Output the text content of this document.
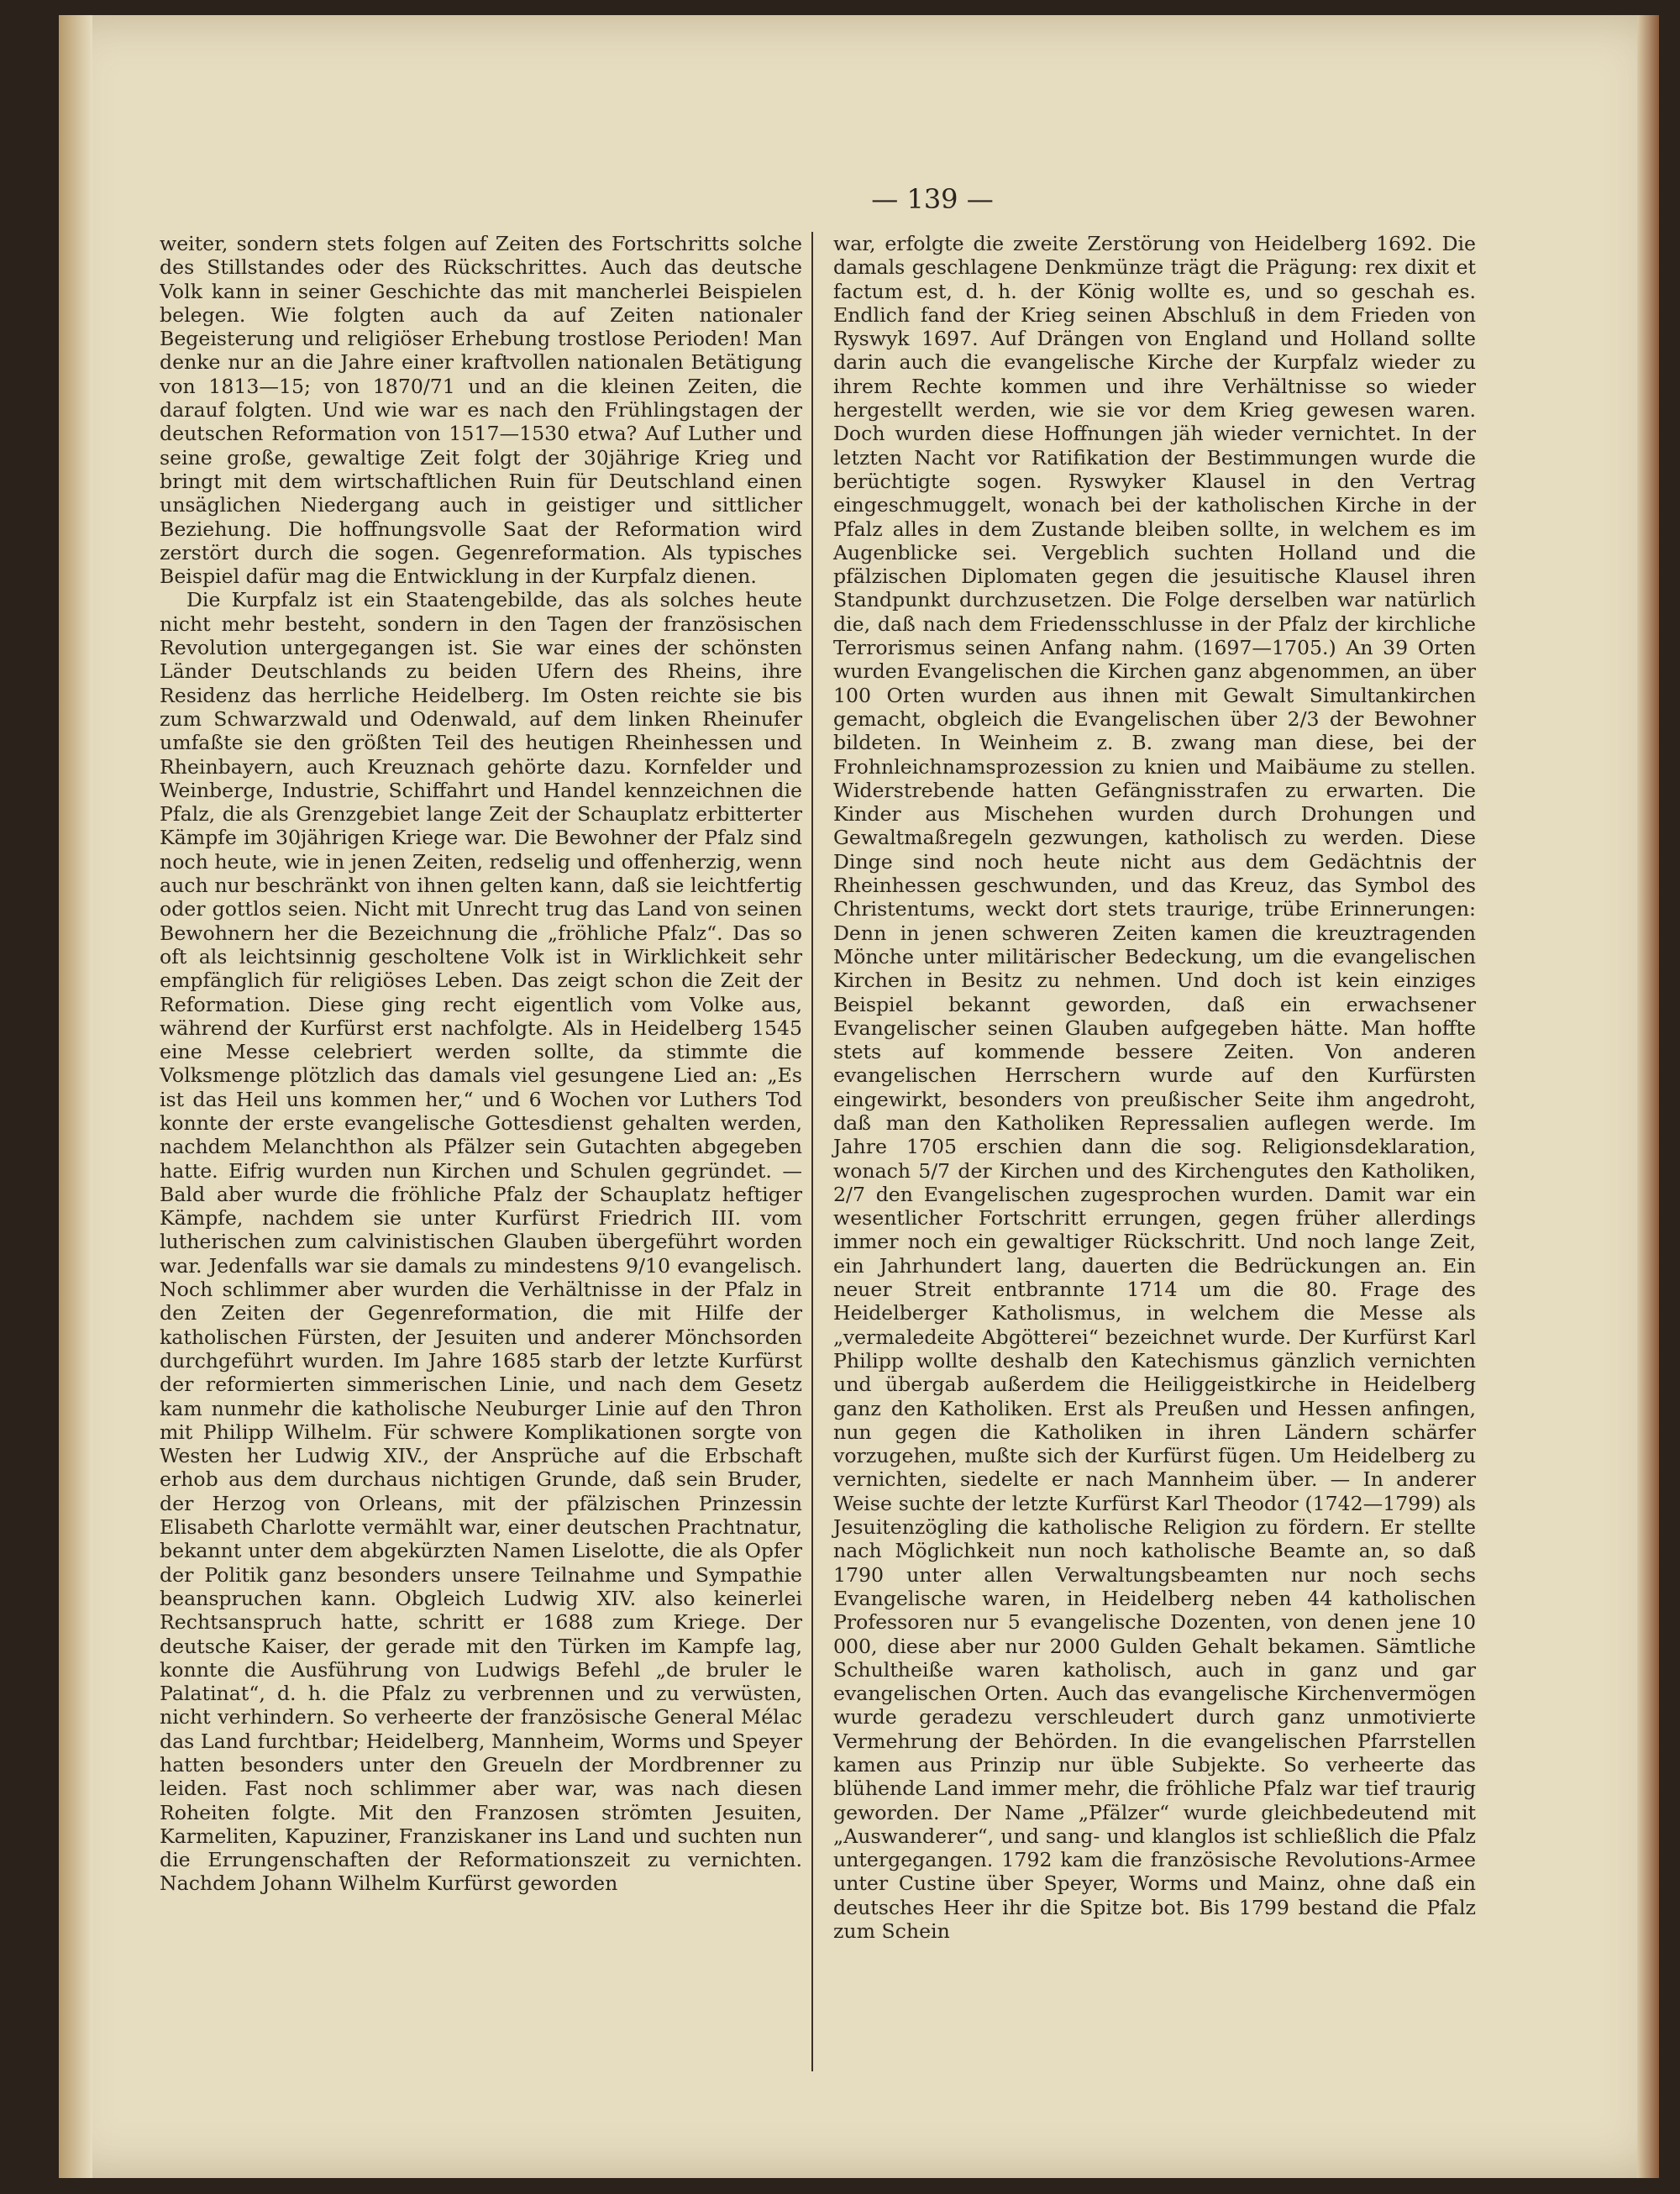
— 139 —

weiter, sondern stets folgen auf Zeiten des Fortschritts solche des Stillstandes oder des Rückschrittes. Auch das deutsche Volk kann in seiner Geschichte das mit mancherlei Beispielen belegen. Wie folgten auch da auf Zeiten nationaler Begeisterung und religiöser Erhebung trostlose Perioden! Man denke nur an die Jahre einer kraftvollen nationalen Betätigung von 1813—15; von 1870/71 und an die kleinen Zeiten, die darauf folgten. Und wie war es nach den Frühlingstagen der deutschen Reformation von 1517—1530 etwa? Auf Luther und seine große, gewaltige Zeit folgt der 30jährige Krieg und bringt mit dem wirtschaftlichen Ruin für Deutschland einen unsäglichen Niedergang auch in geistiger und sittlicher Beziehung. Die hoffnungsvolle Saat der Reformation wird zerstört durch die sogen. Gegenreformation. Als typisches Beispiel dafür mag die Entwicklung in der Kurpfalz dienen.

Die Kurpfalz ist ein Staatengebilde, das als solches heute nicht mehr besteht, sondern in den Tagen der französischen Revolution untergegangen ist. Sie war eines der schönsten Länder Deutschlands zu beiden Ufern des Rheins, ihre Residenz das herrliche Heidelberg. Im Osten reichte sie bis zum Schwarzwald und Odenwald, auf dem linken Rheinufer umfaßte sie den größten Teil des heutigen Rheinhessen und Rheinbayern, auch Kreuznach gehörte dazu. Kornfelder und Weinberge, Industrie, Schiffahrt und Handel kennzeichnen die Pfalz, die als Grenzgebiet lange Zeit der Schauplatz erbitterter Kämpfe im 30jährigen Kriege war. Die Bewohner der Pfalz sind noch heute, wie in jenen Zeiten, redselig und offenherzig, wenn auch nur beschränkt von ihnen gelten kann, daß sie leichtfertig oder gottlos seien. Nicht mit Unrecht trug das Land von seinen Bewohnern her die Bezeichnung die „fröhliche Pfalz“. Das so oft als leichtsinnig gescholtene Volk ist in Wirklichkeit sehr empfänglich für religiöses Leben. Das zeigt schon die Zeit der Reformation. Diese ging recht eigentlich vom Volke aus, während der Kurfürst erst nachfolgte. Als in Heidelberg 1545 eine Messe celebriert werden sollte, da stimmte die Volksmenge plötzlich das damals viel gesungene Lied an: „Es ist das Heil uns kommen her,“ und 6 Wochen vor Luthers Tod konnte der erste evangelische Gottesdienst gehalten werden, nachdem Melanchthon als Pfälzer sein Gutachten abgegeben hatte. Eifrig wurden nun Kirchen und Schulen gegründet. — Bald aber wurde die fröhliche Pfalz der Schauplatz heftiger Kämpfe, nachdem sie unter Kurfürst Friedrich III. vom lutherischen zum calvinistischen Glauben übergeführt worden war. Jedenfalls war sie damals zu mindestens 9/10 evangelisch. Noch schlimmer aber wurden die Verhältnisse in der Pfalz in den Zeiten der Gegenreformation, die mit Hilfe der katholischen Fürsten, der Jesuiten und anderer Mönchsorden durchgeführt wurden. Im Jahre 1685 starb der letzte Kurfürst der reformierten simmerischen Linie, und nach dem Gesetz kam nunmehr die katholische Neuburger Linie auf den Thron mit Philipp Wilhelm. Für schwere Komplikationen sorgte von Westen her Ludwig XIV., der Ansprüche auf die Erbschaft erhob aus dem durchaus nichtigen Grunde, daß sein Bruder, der Herzog von Orleans, mit der pfälzischen Prinzessin Elisabeth Charlotte vermählt war, einer deutschen Prachtnatur, bekannt unter dem abgekürzten Namen Liselotte, die als Opfer der Politik ganz besonders unsere Teilnahme und Sympathie beanspruchen kann. Obgleich Ludwig XIV. also keinerlei Rechtsanspruch hatte, schritt er 1688 zum Kriege. Der deutsche Kaiser, der gerade mit den Türken im Kampfe lag, konnte die Ausführung von Ludwigs Befehl „de bruler le Palatinat“, d. h. die Pfalz zu verbrennen und zu verwüsten, nicht verhindern. So verheerte der französische General Mélac das Land furchtbar; Heidelberg, Mannheim, Worms und Speyer hatten besonders unter den Greueln der Mordbrenner zu leiden. Fast noch schlimmer aber war, was nach diesen Roheiten folgte. Mit den Franzosen strömten Jesuiten, Karmeliten, Kapuziner, Franziskaner ins Land und suchten nun die Errungenschaften der Reformationszeit zu vernichten. Nachdem Johann Wilhelm Kurfürst geworden

war, erfolgte die zweite Zerstörung von Heidelberg 1692. Die damals geschlagene Denkmünze trägt die Prägung: rex dixit et factum est, d. h. der König wollte es, und so geschah es. Endlich fand der Krieg seinen Abschluß in dem Frieden von Ryswyk 1697. Auf Drängen von England und Holland sollte darin auch die evangelische Kirche der Kurpfalz wieder zu ihrem Rechte kommen und ihre Verhältnisse so wieder hergestellt werden, wie sie vor dem Krieg gewesen waren. Doch wurden diese Hoffnungen jäh wieder vernichtet. In der letzten Nacht vor Ratifikation der Bestimmungen wurde die berüchtigte sogen. Ryswyker Klausel in den Vertrag eingeschmuggelt, wonach bei der katholischen Kirche in der Pfalz alles in dem Zustande bleiben sollte, in welchem es im Augenblicke sei. Vergeblich suchten Holland und die pfälzischen Diplomaten gegen die jesuitische Klausel ihren Standpunkt durchzusetzen. Die Folge derselben war natürlich die, daß nach dem Friedensschlusse in der Pfalz der kirchliche Terrorismus seinen Anfang nahm. (1697—1705.) An 39 Orten wurden Evangelischen die Kirchen ganz abgenommen, an über 100 Orten wurden aus ihnen mit Gewalt Simultankirchen gemacht, obgleich die Evangelischen über 2/3 der Bewohner bildeten. In Weinheim z. B. zwang man diese, bei der Frohnleichnamsprozession zu knien und Maibäume zu stellen. Widerstrebende hatten Gefängnisstrafen zu erwarten. Die Kinder aus Mischehen wurden durch Drohungen und Gewaltmaßregeln gezwungen, katholisch zu werden. Diese Dinge sind noch heute nicht aus dem Gedächtnis der Rheinhessen geschwunden, und das Kreuz, das Symbol des Christentums, weckt dort stets traurige, trübe Erinnerungen: Denn in jenen schweren Zeiten kamen die kreuztragenden Mönche unter militärischer Bedeckung, um die evangelischen Kirchen in Besitz zu nehmen. Und doch ist kein einziges Beispiel bekannt geworden, daß ein erwachsener Evangelischer seinen Glauben aufgegeben hätte. Man hoffte stets auf kommende bessere Zeiten. Von anderen evangelischen Herrschern wurde auf den Kurfürsten eingewirkt, besonders von preußischer Seite ihm angedroht, daß man den Katholiken Repressalien auflegen werde. Im Jahre 1705 erschien dann die sog. Religionsdeklaration, wonach 5/7 der Kirchen und des Kirchengutes den Katholiken, 2/7 den Evangelischen zugesprochen wurden. Damit war ein wesentlicher Fortschritt errungen, gegen früher allerdings immer noch ein gewaltiger Rückschritt. Und noch lange Zeit, ein Jahrhundert lang, dauerten die Bedrückungen an. Ein neuer Streit entbrannte 1714 um die 80. Frage des Heidelberger Katholismus, in welchem die Messe als „vermaledeite Abgötterei“ bezeichnet wurde. Der Kurfürst Karl Philipp wollte deshalb den Katechismus gänzlich vernichten und übergab außerdem die Heiliggeistkirche in Heidelberg ganz den Katholiken. Erst als Preußen und Hessen anfingen, nun gegen die Katholiken in ihren Ländern schärfer vorzugehen, mußte sich der Kurfürst fügen. Um Heidelberg zu vernichten, siedelte er nach Mannheim über. — In anderer Weise suchte der letzte Kurfürst Karl Theodor (1742—1799) als Jesuitenzögling die katholische Religion zu fördern. Er stellte nach Möglichkeit nun noch katholische Beamte an, so daß 1790 unter allen Verwaltungsbeamten nur noch sechs Evangelische waren, in Heidelberg neben 44 katholischen Professoren nur 5 evangelische Dozenten, von denen jene 10 000, diese aber nur 2000 Gulden Gehalt bekamen. Sämtliche Schultheiße waren katholisch, auch in ganz und gar evangelischen Orten. Auch das evangelische Kirchenvermögen wurde geradezu verschleudert durch ganz unmotivierte Vermehrung der Behörden. In die evangelischen Pfarrstellen kamen aus Prinzip nur üble Subjekte. So verheerte das blühende Land immer mehr, die fröhliche Pfalz war tief traurig geworden. Der Name „Pfälzer“ wurde gleichbedeutend mit „Auswanderer“, und sang- und klanglos ist schließlich die Pfalz untergegangen. 1792 kam die französische Revolutions-Armee unter Custine über Speyer, Worms und Mainz, ohne daß ein deutsches Heer ihr die Spitze bot. Bis 1799 bestand die Pfalz zum Schein
